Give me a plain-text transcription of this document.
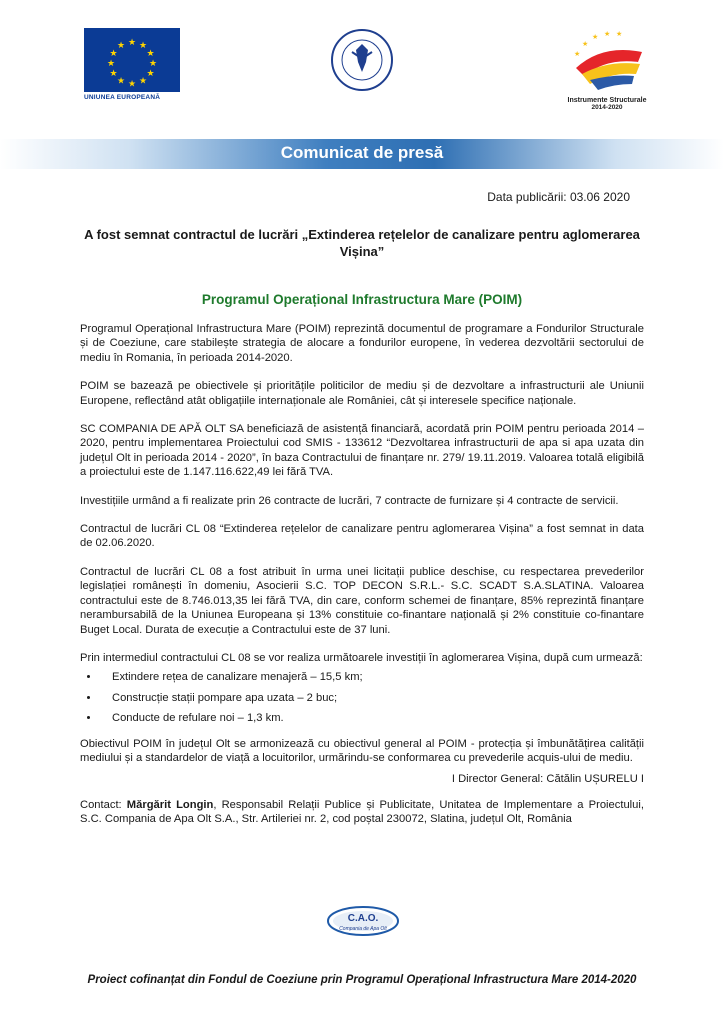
★ ★
★
★
★
★
★
★
★
★
★
★
UNIUNEA EUROPEANĂ
★
★ ★
★
★
Instrumente Structurale
2014-2020
Comunicat de presă
Data publicării: 03.06 2020
A fost semnat contractul de lucrări „Extinderea rețelelor de canalizare pentru aglomerarea Vișina”
Programul Operațional Infrastructura Mare (POIM)

Programul Operațional Infrastructura Mare (POIM) reprezintă documentul de programare a Fondurilor Structurale și de Coeziune, care stabilește strategia de alocare a fondurilor europene, în vederea dezvoltării sectorului de mediu în Romania, în perioada 2014-2020.

POIM se bazează pe obiectivele și prioritățile politicilor de mediu și de dezvoltare a infrastructurii ale Uniunii Europene, reflectând atât obligațiile internaționale ale României, cât și interesele specifice naționale.

SC COMPANIA DE APĂ OLT SA beneficiază de asistență financiară, acordată prin POIM pentru perioada 2014 – 2020, pentru implementarea Proiectului cod SMIS - 133612 “Dezvoltarea infrastructurii de apa si apa uzata din județul Olt in perioada 2014 - 2020”, în baza Contractului de finanțare nr. 279/ 19.11.2019. Valoarea totală eligibilă a proiectului este de 1.147.116.622,49 lei fără TVA.

Investițiile urmând a fi realizate prin 26 contracte de lucrări, 7 contracte de furnizare și 4 contracte de servicii.

Contractul de lucrări CL 08 “Extinderea rețelelor de canalizare pentru aglomerarea Vișina” a fost semnat in data de 02.06.2020.

Contractul de lucrări CL 08 a fost atribuit în urma unei licitații publice deschise, cu respectarea prevederilor legislației românești în domeniu, Asocierii S.C. TOP DECON S.R.L.- S.C. SCADT S.A.SLATINA. Valoarea contractului este de 8.746.013,35 lei fără TVA, din care, conform schemei de finanțare, 85% reprezintă finanțare nerambursabilă de la Uniunea Europeana și 13% constituie co-finantare națională și 2% constituie co-finantare Buget Local. Durata de execuție a Contractului este de 37 luni.

Prin intermediul contractului CL 08 se vor realiza următoarele investiții în aglomerarea Vișina, după cum urmează:

• Extindere rețea de canalizare menajeră – 15,5 km;
• Construcție stații pompare apa uzata – 2 buc;
• Conducte de refulare noi – 1,3 km.

Obiectivul POIM în județul Olt se armonizează cu obiectivul general al POIM - protecția și îmbunătățirea calității mediului și a standardelor de viață a locuitorilor, urmărindu-se conformarea cu prevederile acquis-ului de mediu.

I Director General: Cătălin UȘURELU I

Contact: Mărgărit Longin, Responsabil Relații Publice și Publicitate, Unitatea de Implementare a Proiectului, S.C. Compania de Apa Olt S.A., Str. Artileriei nr. 2, cod poștal 230072, Slatina, județul Olt, România

C.A.O.
Compania de Apa Olt
Proiect cofinanțat din Fondul de Coeziune prin Programul Operațional Infrastructura Mare 2014-2020
